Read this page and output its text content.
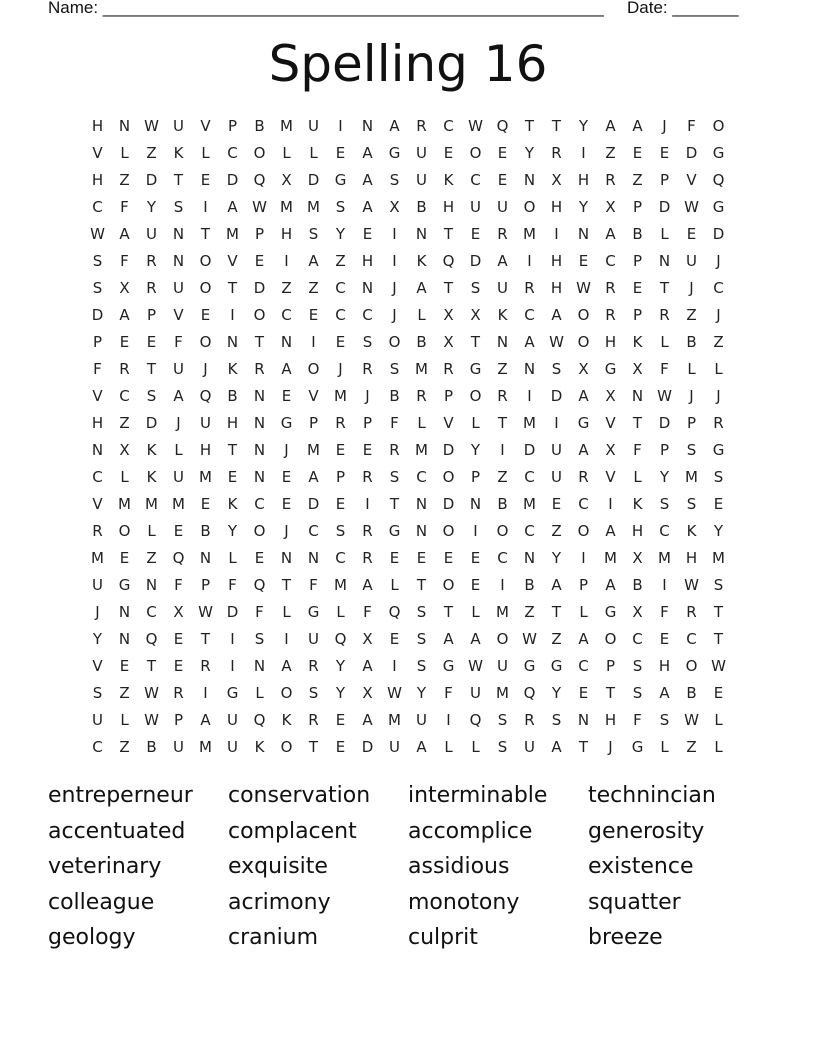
Name: _____________________________________________________ Date: _______
Spelling 16
H	N W U	V	P	B	M	U	I	N	A	R	C W Q	T	T	Y	A	A	J	F	O
V	L	Z	K	L	C	O	L	L	E	A	G	U	E	O	E	Y	R	I	Z	E	E	D	G
H	Z	D	T	E	D	Q	X	D	G	A	S	U	K	C	E	N	X	H	R	Z	P	V	Q
C	F	Y	S	I	A W M M	S	A	X	B	H	U	U	O	H	Y	X	P	D W G
W A	U	N	T	M	P	H	S	Y	E	I	N	T	E	R	M	I	N	A	B	L	E	D
S	F	R	N	O	V	E	I	A	Z	H	I	K	Q	D	A	I	H	E	C	P	N	U	J
S	X	R	U	O	T	D	Z	Z	C	N	J	A	T	S	U	R	H W R	E	T	J	C
D	A	P	V	E	I	O	C	E	C	C	J	L	X	X	K	C	A	O	R	P	R	Z	J
P	E	E	F	O	N	T	N	I	E	S	O	B	X	T	N	A W O	H	K	L	B	Z
F	R	T	U	J	K	R	A	O	J	R	S	M	R	G	Z	N	S	X	G	X	F	L	L
V	C	S	A	Q	B	N	E	V	M	J	B	R	P	O	R	I	D	A	X	N W	J	J
H	Z	D	J	U	H	N	G	P	R	P	F	L	V	L	T	M	I	G	V	T	D	P	R
N	X	K	L	H	T	N	J	M	E	E	R	M D	Y	I	D	U	A	X	F	P	S	G
C	L	K	U	M	E	N	E	A	P	R	S	C	O	P	Z	C	U	R	V	L	Y	M	S
V	M M M	E	K	C	E	D	E	I	T	N	D	N	B	M	E	C	I	K	S	S	E
R	O	L	E	B	Y	O	J	C	S	R	G	N	O	I	O	C	Z	O	A	H	C	K	Y
M	E	Z	Q	N	L	E	N	N	C	R	E	E	E	E	C	N	Y	I	M	X	M H M
U	G	N	F	P	F	Q	T	F	M	A	L	T	O	E	I	B	A	P	A	B	I	W S
J	N	C	X W D	F	L	G	L	F	Q	S	T	L	M	Z	T	L	G	X	F	R	T
Y	N	Q	E	T	I	S	I	U	Q	X	E	S	A	A	O W Z	A	O	C	E	C	T
V	E	T	E	R	I	N	A	R	Y	A	I	S	G W U	G	G	C	P	S	H	O W
S	Z W R	I	G	L	O	S	Y	X W Y	F	U	M Q	Y	E	T	S	A	B	E
U	L	W	P	A	U	Q	K	R	E	A	M	U	I	Q	S	R	S	N	H	F	S W	L
C	Z	B	U	M	U	K	O	T	E	D	U	A	L	L	S	U	A	T	J	G	L	Z	L
entreperneur	conservation	interminable	technincian
accentuated	complacent	accomplice	generosity
veterinary	exquisite	assidious	existence
colleague	acrimony	monotony	squatter
geology	cranium	culprit	breeze
